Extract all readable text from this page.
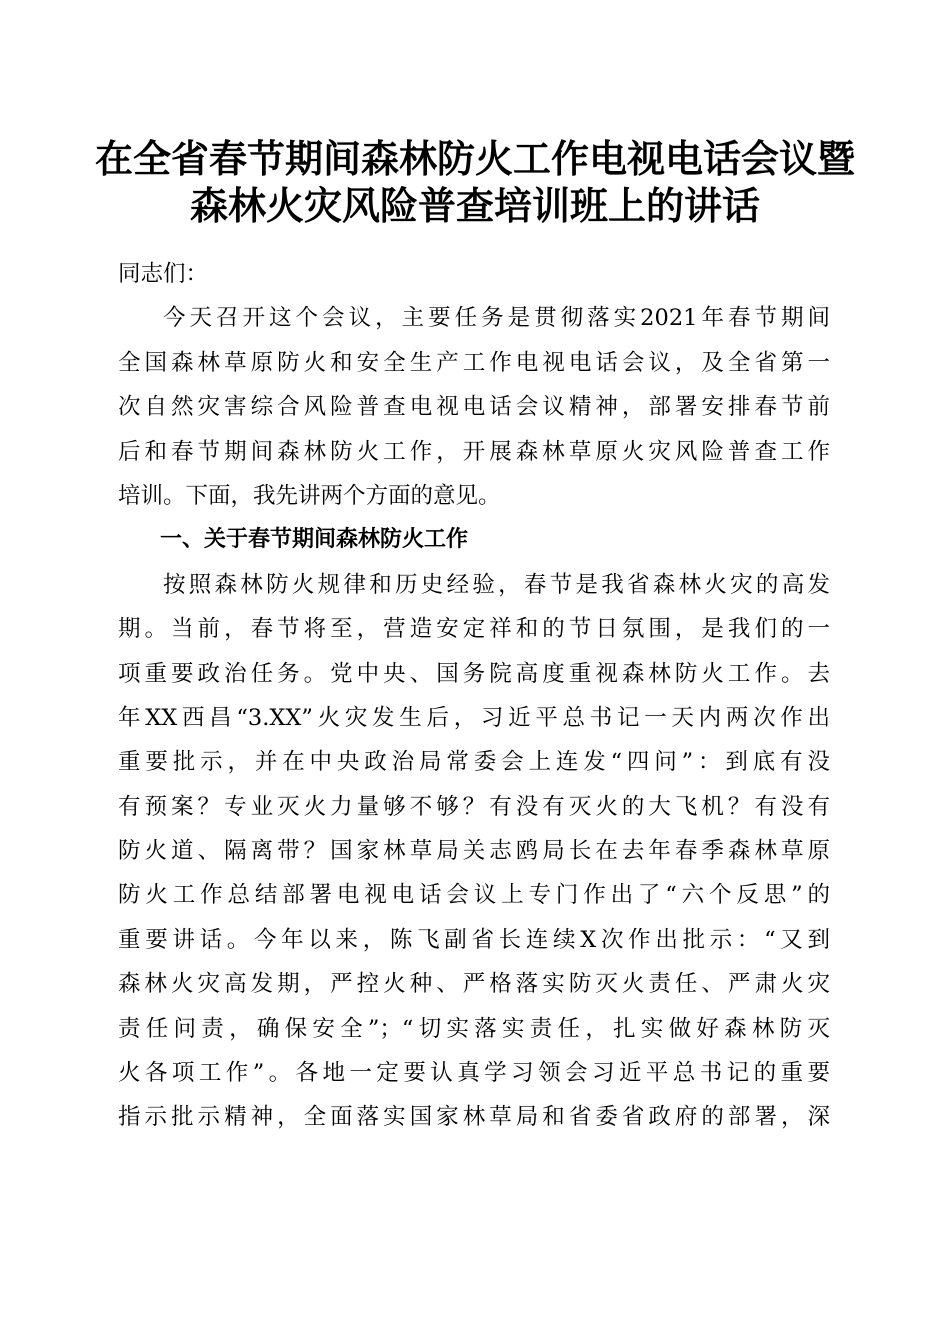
在全省春节期间森林防火工作电视电话会议暨
森林火灾风险普查培训班上的讲话
同志们：
今天召开这个会议，主要任务是贯彻落实2021年春节期间
全国森林草原防火和安全生产工作电视电话会议，及全省第一
次自然灾害综合风险普查电视电话会议精神，部署安排春节前
后和春节期间森林防火工作，开展森林草原火灾风险普查工作
培训。下面，我先讲两个方面的意见。
一、关于春节期间森林防火工作
按照森林防火规律和历史经验，春节是我省森林火灾的高发
期。当前，春节将至，营造安定祥和的节日氛围，是我们的一
项重要政治任务。党中央、国务院高度重视森林防火工作。去
年XX西昌“3.XX”火灾发生后，习近平总书记一天内两次作出
重要批示，并在中央政治局常委会上连发“四问”：到底有没
有预案？专业灭火力量够不够？有没有灭火的大飞机？有没有
防火道、隔离带？国家林草局关志鸥局长在去年春季森林草原
防火工作总结部署电视电话会议上专门作出了“六个反思”的
重要讲话。今年以来，陈飞副省长连续X次作出批示：“又到
森林火灾高发期，严控火种、严格落实防灭火责任、严肃火灾
责任问责，确保安全”；“切实落实责任，扎实做好森林防灭
火各项工作”。各地一定要认真学习领会习近平总书记的重要
指示批示精神，全面落实国家林草局和省委省政府的部署，深
